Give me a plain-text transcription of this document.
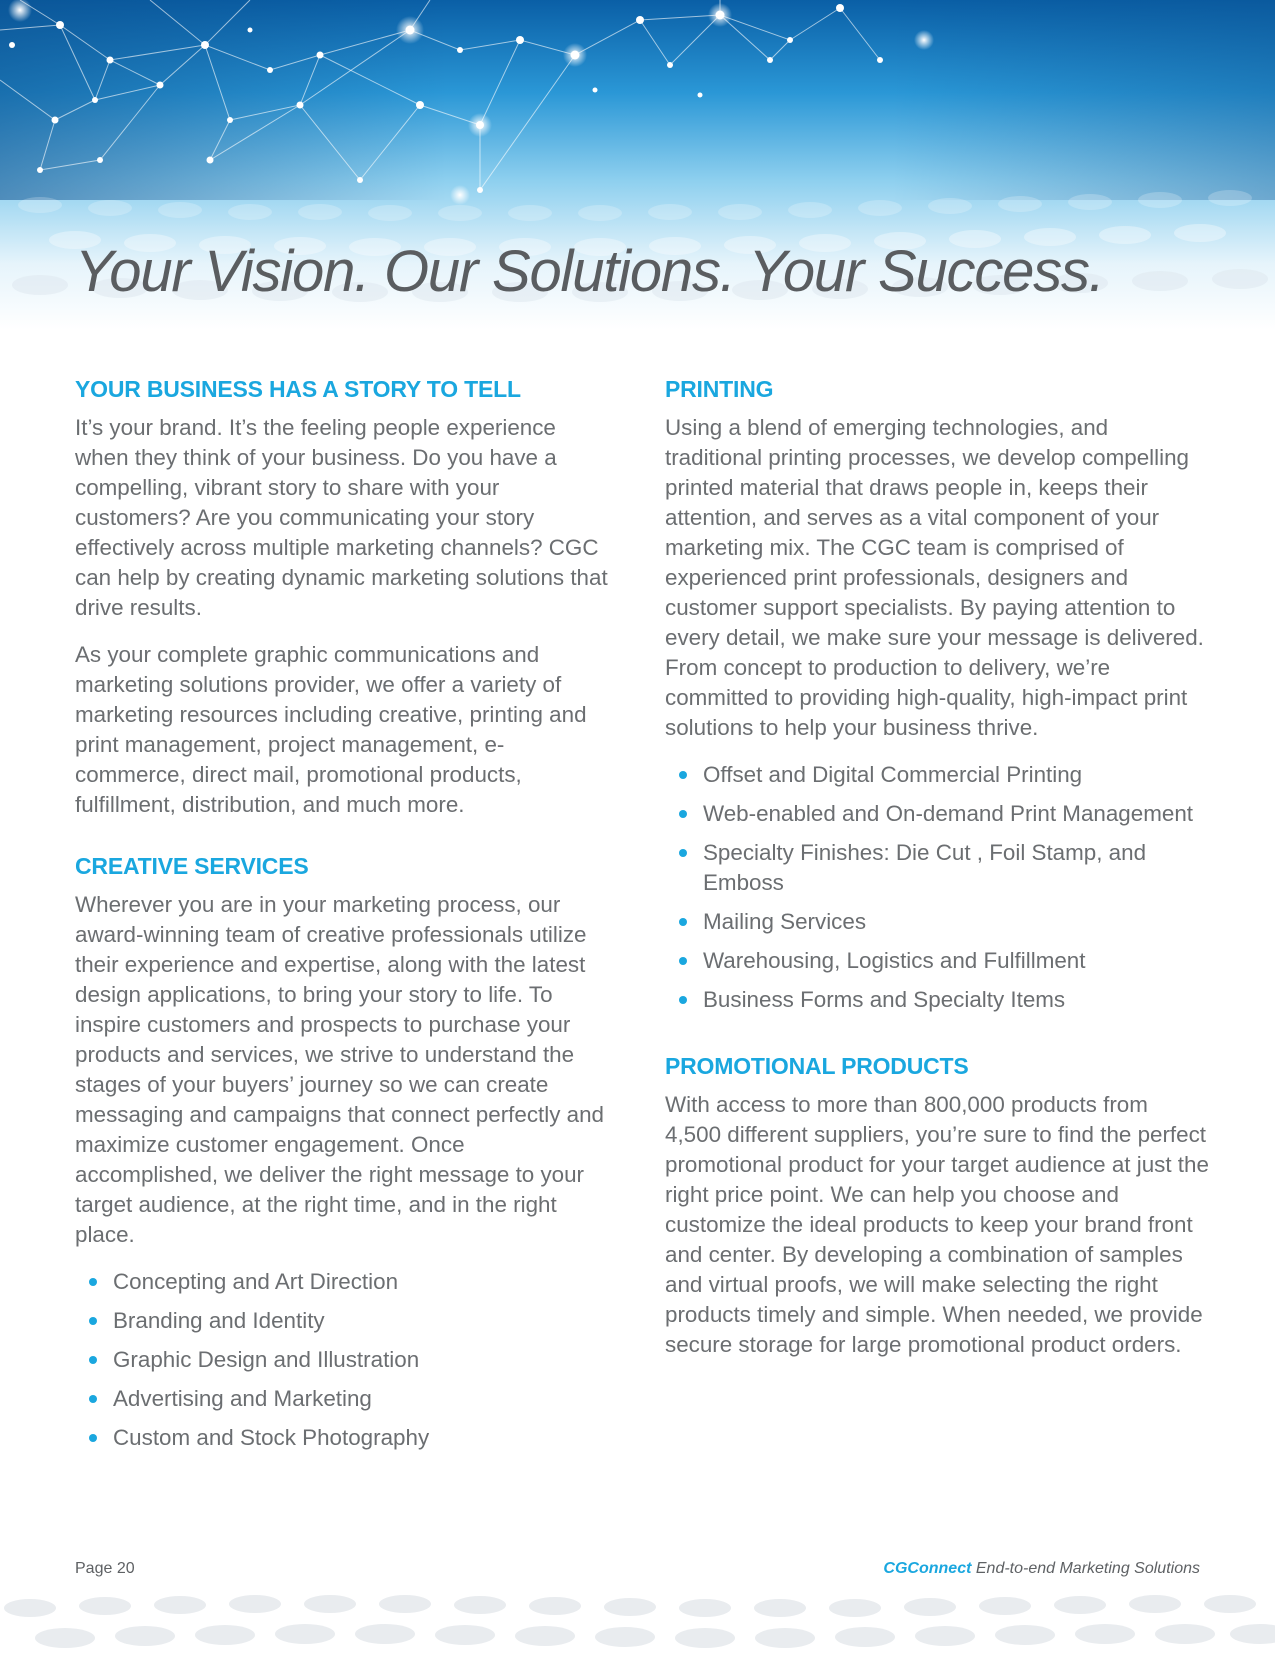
Your Vision. Our Solutions. Your Success.
YOUR BUSINESS HAS A STORY TO TELL

It’s your brand. It’s the feeling people experience when they think of your business. Do you have a compelling, vibrant story to share with your customers? Are you communicating your story effectively across multiple marketing channels? CGC can help by creating dynamic marketing solutions that drive results.

As your complete graphic communications and marketing solutions provider, we offer a variety of marketing resources including creative, printing and print management, project management, e-commerce, direct mail, promotional products, fulfillment, distribution, and much more.

CREATIVE SERVICES

Wherever you are in your marketing process, our award-winning team of creative professionals utilize their experience and expertise, along with the latest design applications, to bring your story to life. To inspire customers and prospects to purchase your products and services, we strive to understand the stages of your buyers’ journey so we can create messaging and campaigns that connect perfectly and maximize customer engagement. Once accomplished, we deliver the right message to your target audience, at the right time, and in the right place.

Concepting and Art Direction
Branding and Identity
Graphic Design and Illustration
Advertising and Marketing
Custom and Stock Photography
PRINTING

Using a blend of emerging technologies, and traditional printing processes, we develop compelling printed material that draws people in, keeps their attention, and serves as a vital component of your marketing mix. The CGC team is comprised of experienced print professionals, designers and customer support specialists. By paying attention to every detail, we make sure your message is delivered. From concept to production to delivery, we’re committed to providing high-quality, high-impact print solutions to help your business thrive.

Offset and Digital Commercial Printing
Web-enabled and On-demand Print Management
Specialty Finishes: Die Cut , Foil Stamp, and Emboss
Mailing Services
Warehousing, Logistics and Fulfillment
Business Forms and Specialty Items
PROMOTIONAL PRODUCTS

With access to more than 800,000 products from 4,500 different suppliers, you’re sure to find the perfect promotional product for your target audience at just the right price point. We can help you choose and customize the ideal products to keep your brand front and center. By developing a combination of samples and virtual proofs, we will make selecting the right products timely and simple. When needed, we provide secure storage for large promotional product orders.

Page 20	CGConnect End-to-end Marketing Solutions
